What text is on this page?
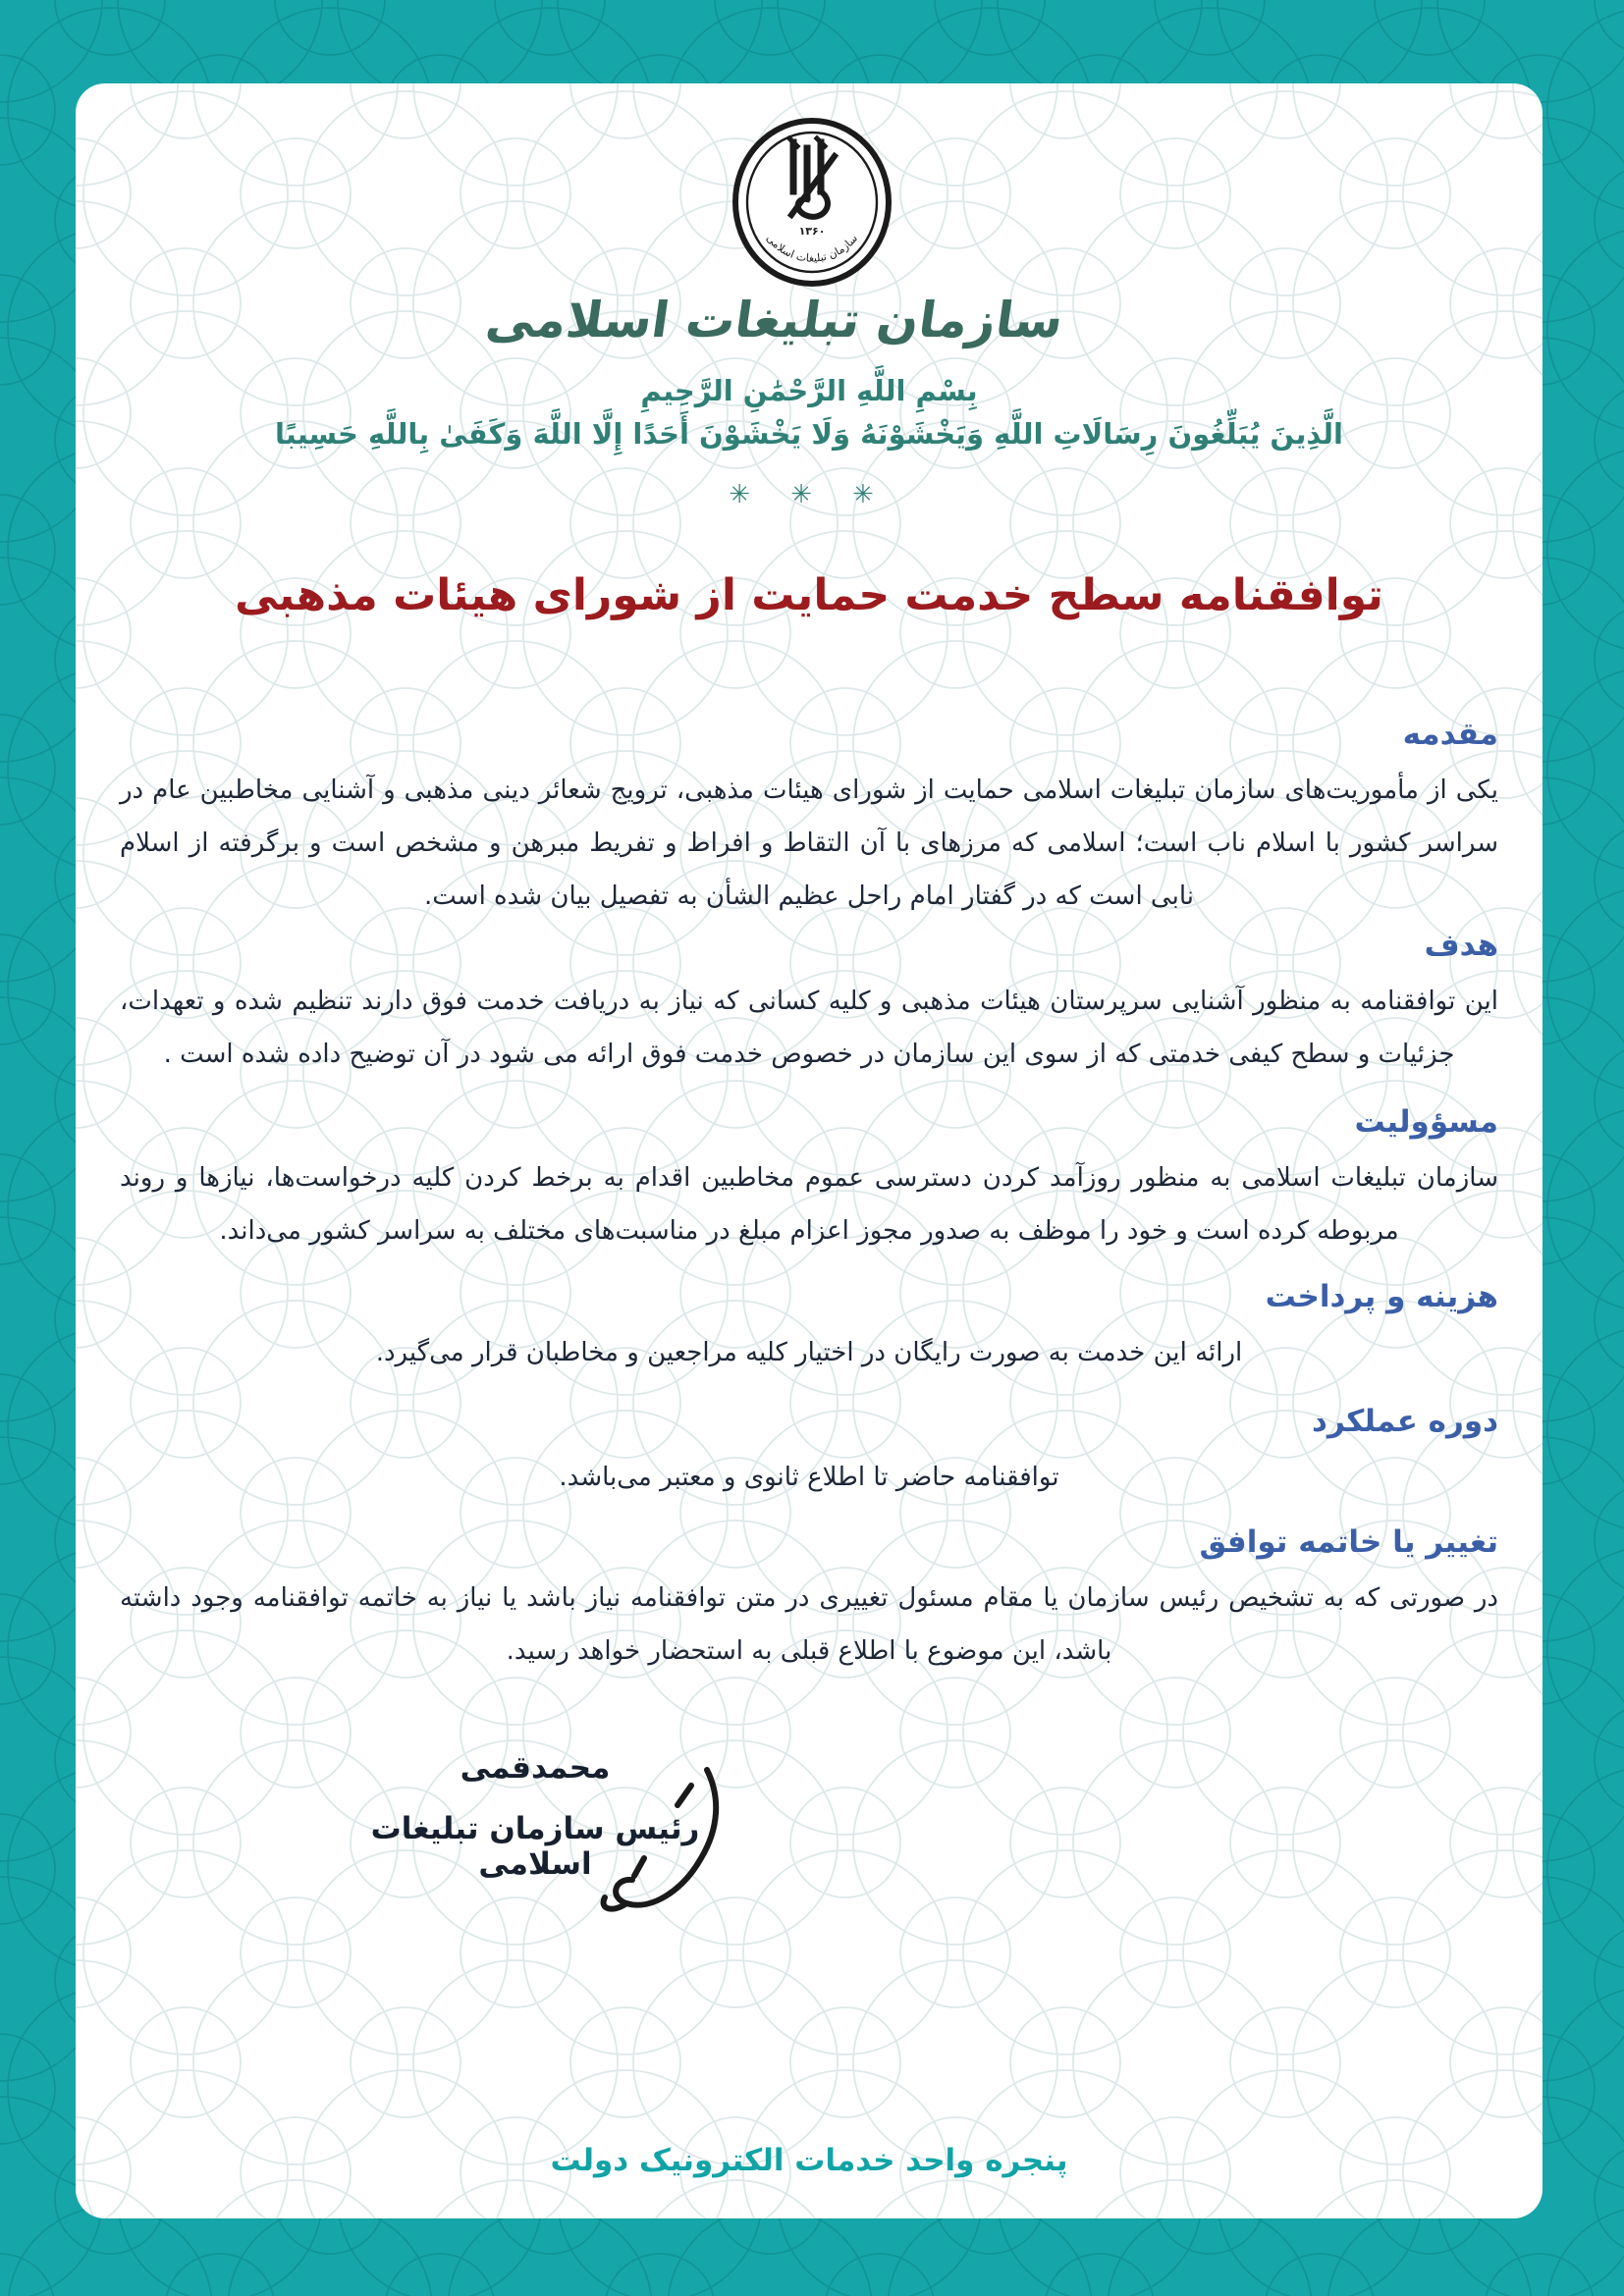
۱۳۶۰
سازمان تبلیغات اسلامی
سازمان تبلیغات اسلامی
بِسْمِ اللَّهِ الرَّحْمَٰنِ الرَّحِيمِ
الَّذِينَ يُبَلِّغُونَ رِسَالَاتِ اللَّهِ وَيَخْشَوْنَهُ وَلَا يَخْشَوْنَ أَحَدًا إِلَّا اللَّهَ وَكَفَىٰ بِاللَّهِ حَسِيبًا
✳ ✳ ✳
توافقنامه سطح خدمت حمایت از شورای هیئات مذهبی
مقدمه
یکی از مأموریت‌های سازمان تبلیغات اسلامی حمایت از شورای هیئات مذهبی، ترویج شعائر دینی مذهبی و آشنایی مخاطبین عام در سراسر کشور با اسلام ناب است؛ اسلامی که مرزهای با آن التقاط و افراط و تفریط مبرهن و مشخص است و برگرفته از اسلام نابی است که در گفتار امام راحل عظیم الشأن به تفصیل بیان شده است.
هدف
این توافقنامه به منظور آشنایی سرپرستان هیئات مذهبی و کلیه کسانی که نیاز به دریافت خدمت فوق دارند تنظیم شده و تعهدات، جزئیات و سطح کیفی خدمتی که از سوی این سازمان در خصوص خدمت فوق ارائه می شود در آن توضیح داده شده است .
مسؤولیت
سازمان تبلیغات اسلامی به منظور روزآمد کردن دسترسی عموم مخاطبین اقدام به برخط کردن کلیه درخواست‌ها، نیازها و روند مربوطه کرده است و خود را موظف به صدور مجوز اعزام مبلغ در مناسبت‌های مختلف به سراسر کشور می‌داند.
هزینه و پرداخت
ارائه این خدمت به صورت رایگان در اختیار کلیه مراجعین و مخاطبان قرار می‌گیرد.
دوره عملکرد
توافقنامه حاضر تا اطلاع ثانوی و معتبر می‌باشد.
تغییر یا خاتمه توافق
در صورتی که به تشخیص رئیس سازمان یا مقام مسئول تغییری در متن توافقنامه نیاز باشد یا نیاز به خاتمه توافقنامه وجود داشته باشد، این موضوع با اطلاع قبلی به استحضار خواهد رسید.
محمدقمی
رئیس سازمان تبلیغات اسلامی
پنجره واحد خدمات الکترونیک دولت
